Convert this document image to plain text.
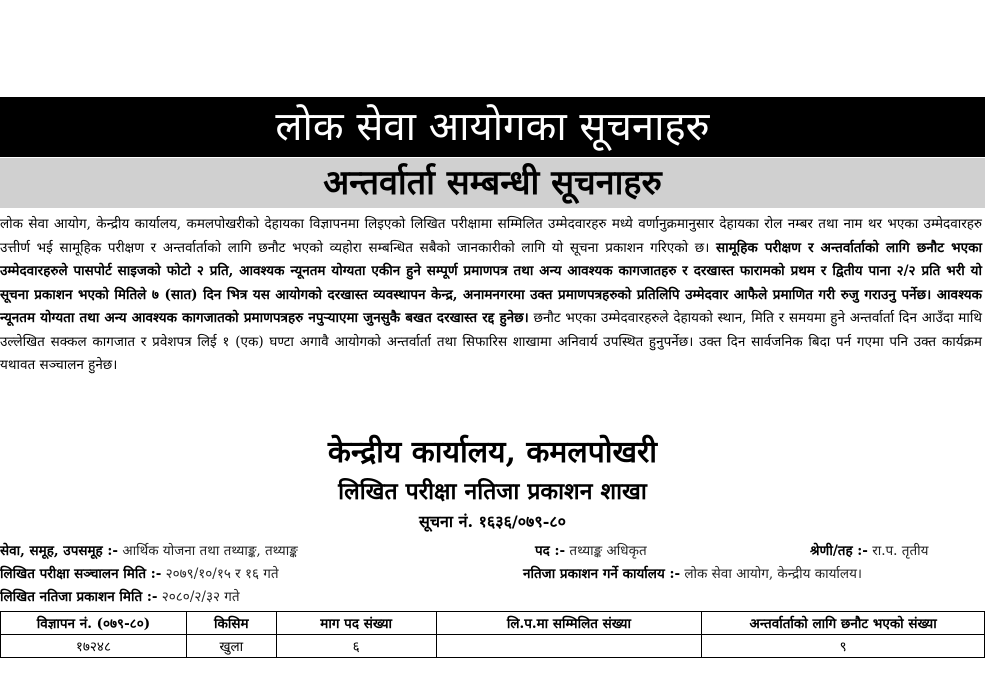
लोक सेवा आयोगका सूचनाहरु
अन्तर्वार्ता सम्बन्धी सूचनाहरु
लोक सेवा आयोग, केन्द्रीय कार्यालय, कमलपोखरीको देहायका विज्ञापनमा लिइएको लिखित परीक्षामा सम्मिलित उम्मेदवारहरु मध्ये वर्णानुक्रमानुसार देहायका रोल नम्बर तथा नाम थर भएका उम्मेदवारहरु उत्तीर्ण भई सामूहिक परीक्षण र अन्तर्वार्ताको लागि छनौट भएको व्यहोरा सम्बन्धित सबैको जानकारीको लागि यो सूचना प्रकाशन गरिएको छ। सामूहिक परीक्षण र अन्तर्वार्ताको लागि छनौट भएका उम्मेदवारहरुले पासपोर्ट साइजको फोटो २ प्रति, आवश्यक न्यूनतम योग्यता एकीन हुने सम्पूर्ण प्रमाणपत्र तथा अन्य आवश्यक कागजातहरु र दरखास्त फारामको प्रथम र द्वितीय पाना २/२ प्रति भरी यो सूचना प्रकाशन भएको मितिले ७ (सात) दिन भित्र यस आयोगको दरखास्त व्यवस्थापन केन्द्र, अनामनगरमा उक्त प्रमाणपत्रहरुको प्रतिलिपि उम्मेदवार आफैले प्रमाणित गरी रुजु गराउनु पर्नेछ। आवश्यक न्यूनतम योग्यता तथा अन्य आवश्यक कागजातको प्रमाणपत्रहरु नपुऱ्याएमा जुनसुकै बखत दरखास्त रद्द हुनेछ। छनौट भएका उम्मेदवारहरुले देहायको स्थान, मिति र समयमा हुने अन्तर्वार्ता दिन आउँदा माथि उल्लेखित सक्कल कागजात र प्रवेशपत्र लिई १ (एक) घण्टा अगावै आयोगको अन्तर्वार्ता तथा सिफारिस शाखामा अनिवार्य उपस्थित हुनुपर्नेछ। उक्त दिन सार्वजनिक बिदा पर्न गएमा पनि उक्त कार्यक्रम यथावत सञ्चालन हुनेछ।
केन्द्रीय कार्यालय, कमलपोखरी
लिखित परीक्षा नतिजा प्रकाशन शाखा
सूचना नं. १६३६/०७९-८०
सेवा, समूह, उपसमूह :- आर्थिक योजना तथा तथ्याङ्क, तथ्याङ्क	पद :- तथ्याङ्क अधिकृत	श्रेणी/तह :- रा.प. तृतीय
लिखित परीक्षा सञ्चालन मिति :- २०७९/१०/१५ र १६ गते	नतिजा प्रकाशन गर्ने कार्यालय :- लोक सेवा आयोग, केन्द्रीय कार्यालय।
लिखित नतिजा प्रकाशन मिति :- २०८०/२/३२ गते
विज्ञापन नं. (०७९-८०)	किसिम	माग पद संख्या	लि.प.मा सम्मिलित संख्या	अन्तर्वार्ताको लागि छनौट भएको संख्या
१७२४८	खुला	६		९
